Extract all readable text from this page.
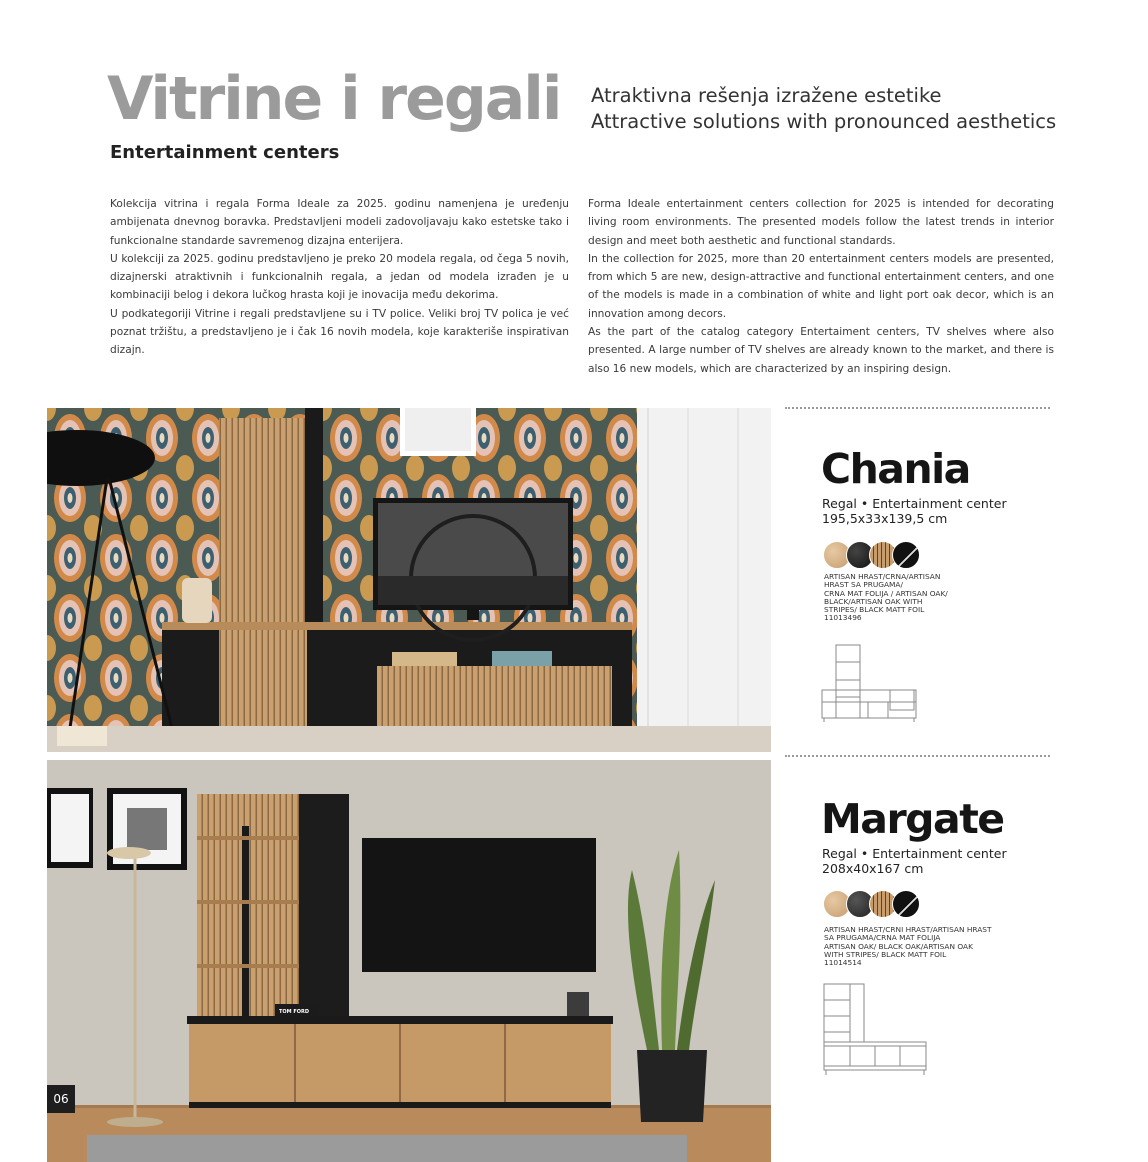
Vitrine i regali
Entertainment centers
Atraktivna rešenja izražene estetike
Attractive solutions with pronounced aesthetics

Kolekcija vitrina i regala Forma Ideale za 2025. godinu namenjena je uređenju ambijenata dnevnog boravka. Predstavljeni modeli zadovoljavaju kako estetske tako i funkcionalne standarde savremenog dizajna enterijera.

U kolekciji za 2025. godinu predstavljeno je preko 20 modela regala, od čega 5 novih, dizajnerski atraktivnih i funkcionalnih regala, a jedan od modela izrađen je u kombinaciji belog i dekora lučkog hrasta koji je inovacija među dekorima.

U podkategoriji Vitrine i regali predstavljene su i TV police. Veliki broj TV polica je već poznat tržištu, a predstavljeno je i čak 16 novih modela, koje karakteriše inspirativan dizajn.

Forma Ideale entertainment centers collection for 2025 is intended for decorating living room environments. The presented models follow the latest trends in interior design and meet both aesthetic and functional standards.

In the collection for 2025, more than 20 entertainment centers models are presented, from which 5 are new, design-attractive and functional entertainment centers, and one of the models is made in a combination of white and light port oak decor, which is an innovation among decors.

As the part of the catalog category Entertaiment centers, TV shelves where also presented. A large number of TV shelves are already known to the market, and there is also 16 new models, which are characterized by an inspiring design.

TOM FORD
06
Chania
Regal • Entertainment center
195,5x33x139,5 cm
ARTISAN HRAST/CRNA/ARTISAN
HRAST SA PRUGAMA/
CRNA MAT FOLIJA / ARTISAN OAK/
BLACK/ARTISAN OAK WITH
STRIPES/ BLACK MATT FOIL
11013496
Margate
Regal • Entertainment center
208x40x167 cm
ARTISAN HRAST/CRNI HRAST/ARTISAN HRAST
SA PRUGAMA/CRNA MAT FOLIJA
ARTISAN OAK/ BLACK OAK/ARTISAN OAK
WITH STRIPES/ BLACK MATT FOIL
11014514
